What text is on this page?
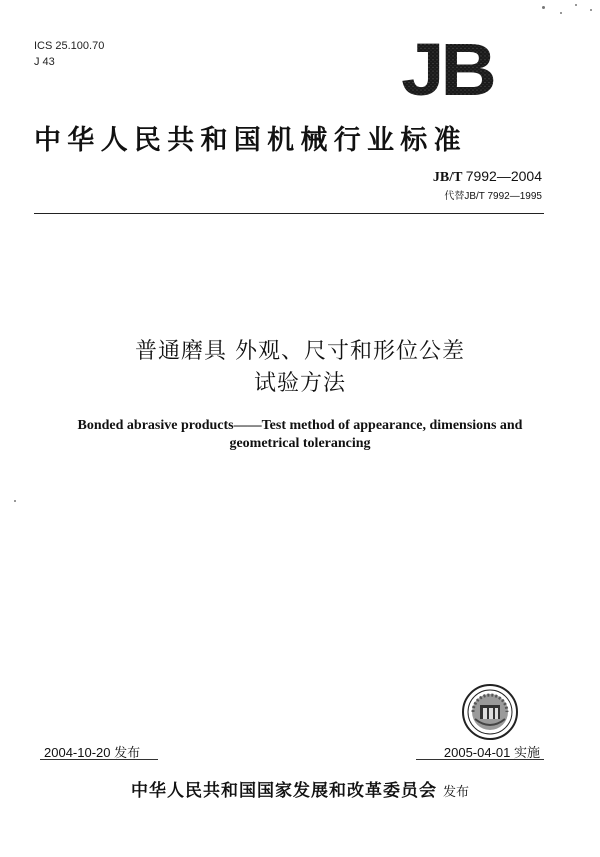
ICS 25.100.70
J 43	JB
中华人民共和国机械行业标准
JB/T 7992—2004
代替JB/T 7992—1995
普通磨具 外观、尺寸和形位公差
试验方法
Bonded abrasive products——Test method of appearance, dimensions and
geometrical tolerancing
2004-10-20 发布	2005-04-01 实施
中华人民共和国国家发展和改革委员会 发布
